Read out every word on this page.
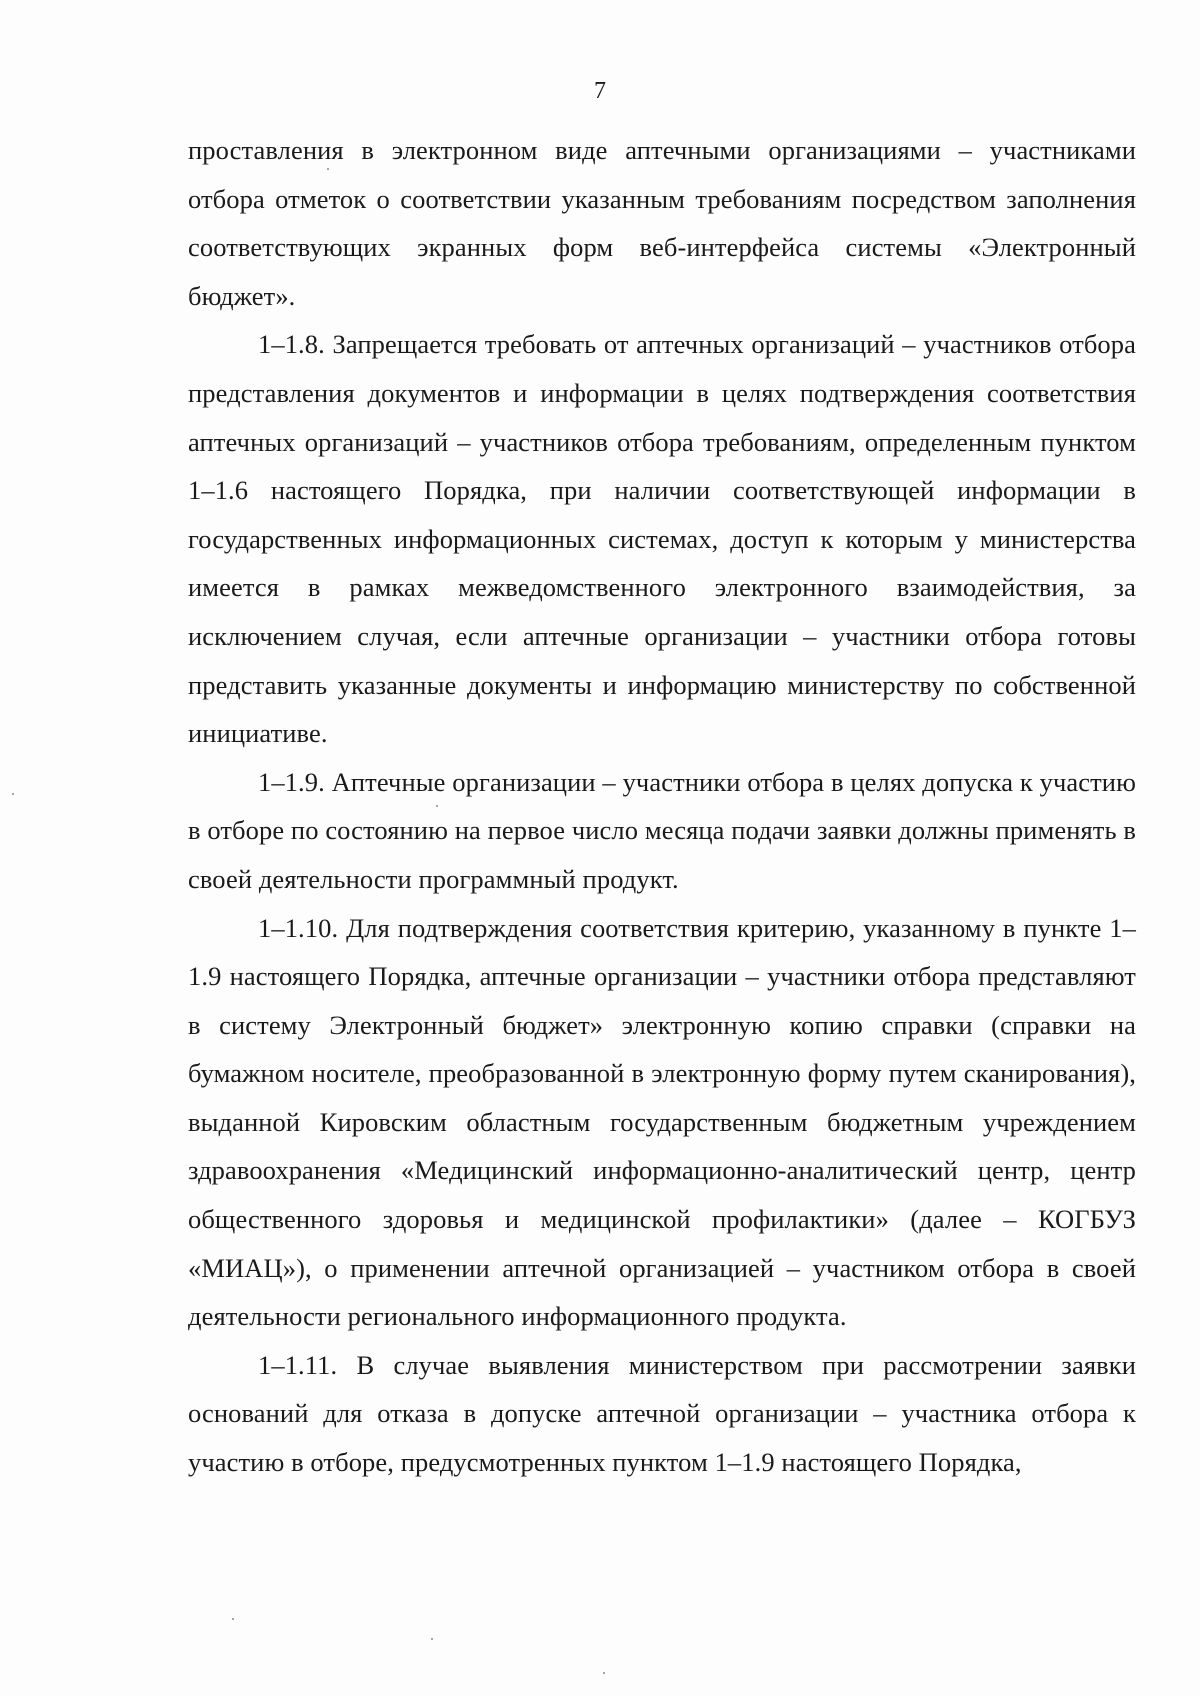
7

проставления в электронном виде аптечными организациями – участниками отбора отметок о соответствии указанным требованиям посредством заполнения соответствующих экранных форм веб-интерфейса системы «Электронный бюджет».

1–1.8. Запрещается требовать от аптечных организаций – участников отбора представления документов и информации в целях подтверждения соответствия аптечных организаций – участников отбора требованиям, определенным пунктом 1–1.6 настоящего Порядка, при наличии соответствующей информации в государственных информационных системах, доступ к которым у министерства имеется в рамках межведомственного электронного взаимодействия, за исключением случая, если аптечные организации – участники отбора готовы представить указанные документы и информацию министерству по собственной инициативе.

1–1.9. Аптечные организации – участники отбора в целях допуска к участию в отборе по состоянию на первое число месяца подачи заявки должны применять в своей деятельности программный продукт.

1–1.10. Для подтверждения соответствия критерию, указанному в пункте 1–1.9 настоящего Порядка, аптечные организации – участники отбора представляют в систему Электронный бюджет» электронную копию справки (справки на бумажном носителе, преобразованной в электронную форму путем сканирования), выданной Кировским областным государственным бюджетным учреждением здравоохранения «Медицинский информационно-аналитический центр, центр общественного здоровья и медицинской профилактики» (далее – КОГБУЗ «МИАЦ»), о применении аптечной организацией – участником отбора в своей деятельности регионального информационного продукта.

1–1.11. В случае выявления министерством при рассмотрении заявки оснований для отказа в допуске аптечной организации – участника отбора к участию в отборе, предусмотренных пунктом 1–1.9 настоящего Порядка,
